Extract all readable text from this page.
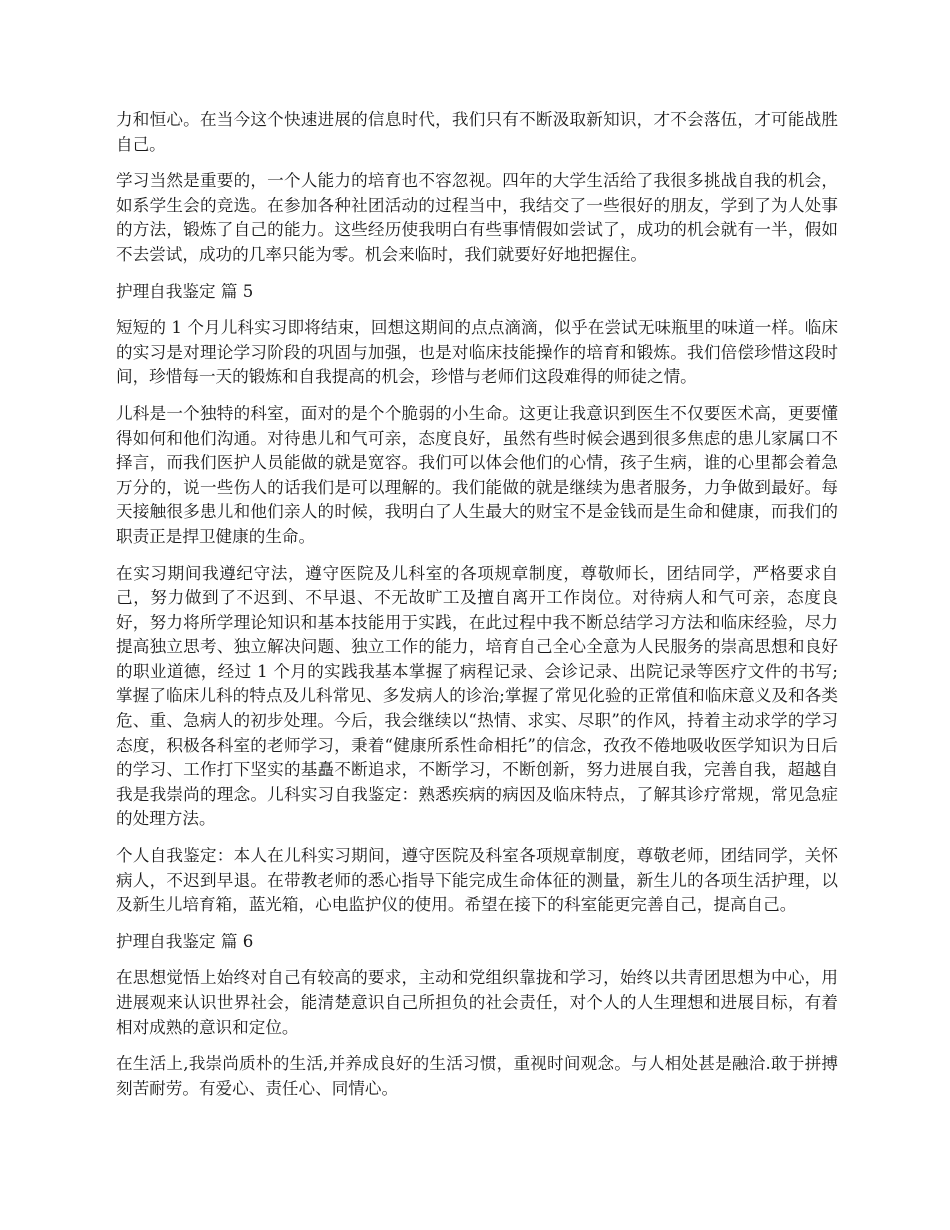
力和恒心。在当今这个快速进展的信息时代，我们只有不断汲取新知识，才不会落伍，才可能战胜自己。

学习当然是重要的，一个人能力的培育也不容忽视。四年的大学生活给了我很多挑战自我的机会，如系学生会的竞选。在参加各种社团活动的过程当中，我结交了一些很好的朋友，学到了为人处事的方法，锻炼了自己的能力。这些经历使我明白有些事情假如尝试了，成功的机会就有一半，假如不去尝试，成功的几率只能为零。机会来临时，我们就要好好地把握住。

护理自我鉴定 篇 5

短短的 1 个月儿科实习即将结束，回想这期间的点点滴滴，似乎在尝试无味瓶里的味道一样。临床的实习是对理论学习阶段的巩固与加强，也是对临床技能操作的培育和锻炼。我们倍偿珍惜这段时间，珍惜每一天的锻炼和自我提高的机会，珍惜与老师们这段难得的师徒之情。

儿科是一个独特的科室，面对的是个个脆弱的小生命。这更让我意识到医生不仅要医术高，更要懂得如何和他们沟通。对待患儿和气可亲，态度良好，虽然有些时候会遇到很多焦虑的患儿家属口不择言，而我们医护人员能做的就是宽容。我们可以体会他们的心情，孩子生病，谁的心里都会着急万分的，说一些伤人的话我们是可以理解的。我们能做的就是继续为患者服务，力争做到最好。每天接触很多患儿和他们亲人的时候，我明白了人生最大的财宝不是金钱而是生命和健康，而我们的职责正是捍卫健康的生命。

在实习期间我遵纪守法，遵守医院及儿科室的各项规章制度，尊敬师长，团结同学，严格要求自己，努力做到了不迟到、不早退、不无故旷工及擅自离开工作岗位。对待病人和气可亲，态度良好，努力将所学理论知识和基本技能用于实践，在此过程中我不断总结学习方法和临床经验，尽力提高独立思考、独立解决问题、独立工作的能力，培育自己全心全意为人民服务的崇高思想和良好的职业道德，经过 1 个月的实践我基本掌握了病程记录、会诊记录、出院记录等医疗文件的书写;掌握了临床儿科的特点及儿科常见、多发病人的诊治;掌握了常见化验的正常值和临床意义及和各类危、重、急病人的初步处理。今后，我会继续以“热情、求实、尽职”的作风，持着主动求学的学习态度，积极各科室的老师学习，秉着“健康所系性命相托”的信念，孜孜不倦地吸收医学知识为日后的学习、工作打下坚实的基矗不断追求，不断学习，不断创新，努力进展自我，完善自我，超越自我是我崇尚的理念。儿科实习自我鉴定：熟悉疾病的病因及临床特点，了解其诊疗常规，常见急症的处理方法。

个人自我鉴定：本人在儿科实习期间，遵守医院及科室各项规章制度，尊敬老师，团结同学，关怀病人，不迟到早退。在带教老师的悉心指导下能完成生命体征的测量，新生儿的各项生活护理，以及新生儿培育箱，蓝光箱，心电监护仪的使用。希望在接下的科室能更完善自己，提高自己。

护理自我鉴定 篇 6

在思想觉悟上始终对自己有较高的要求，主动和党组织靠拢和学习，始终以共青团思想为中心，用进展观来认识世界社会，能清楚意识自己所担负的社会责任，对个人的人生理想和进展目标，有着相对成熟的意识和定位。

在生活上,我崇尚质朴的生活,并养成良好的生活习惯，重视时间观念。与人相处甚是融洽.敢于拼搏刻苦耐劳。有爱心、责任心、同情心。
